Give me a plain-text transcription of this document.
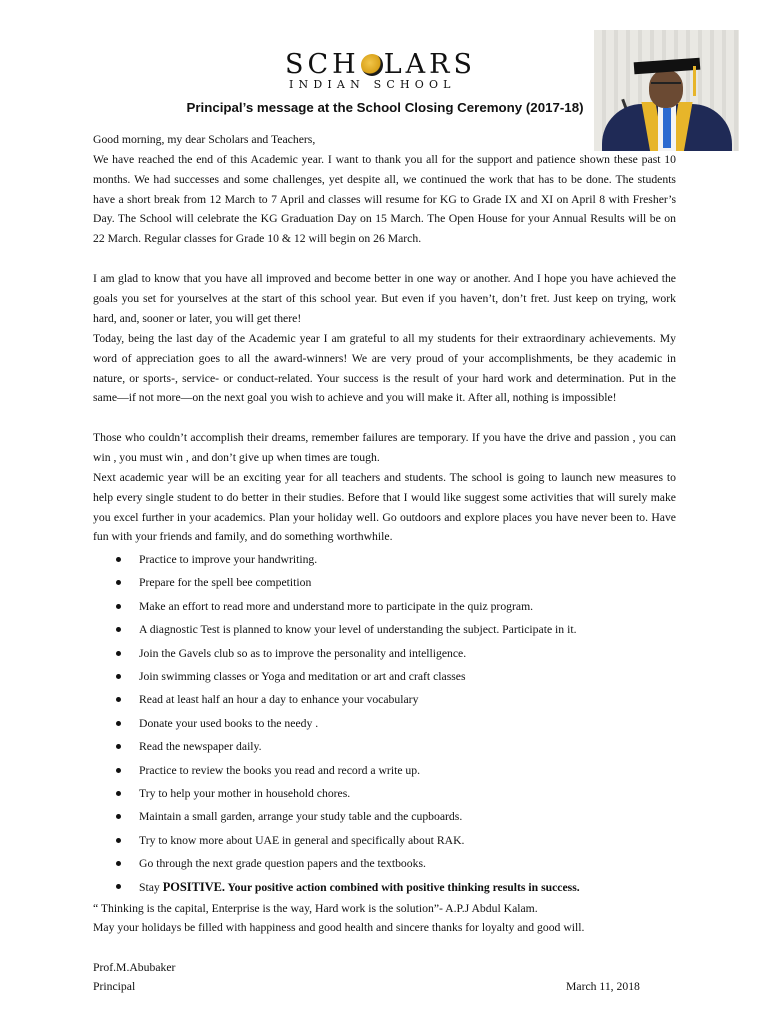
SCH LARS
INDIAN SCHOOL
Principal’s message at the School Closing Ceremony (2017-18)
Good morning, my dear Scholars and Teachers,

We have reached the end of this Academic year. I want to thank you all for the support and patience shown these past 10 months. We had successes and some challenges, yet despite all, we continued the work that has to be done. The students have a short break from 12 March to 7 April and classes will resume for KG to Grade IX and XI on April 8 with Fresher’s Day. The School will celebrate the KG Graduation Day on 15 March. The Open House for your Annual Results will be on 22 March. Regular classes for Grade 10 & 12 will begin on 26 March.

I am glad to know that you have all improved and become better in one way or another. And I hope you have achieved the goals you set for yourselves at the start of this school year. But even if you haven’t, don’t fret. Just keep on trying, work hard, and, sooner or later, you will get there!

Today, being the last day of the Academic year I am grateful to all my students for their extraordinary achievements. My word of appreciation goes to all the award-winners! We are very proud of your accomplishments, be they academic in nature, or sports-, service- or conduct-related. Your success is the result of your hard work and determination. Put in the same—if not more—on the next goal you wish to achieve and you will make it. After all, nothing is impossible!

Those who couldn’t accomplish their dreams, remember failures are temporary. If you have the drive and passion , you can win , you must win , and don’t give up when times are tough.

Next academic year will be an exciting year for all teachers and students. The school is going to launch new measures to help every single student to do better in their studies. Before that I would like suggest some activities that will surely make you excel further in your academics. Plan your holiday well. Go outdoors and explore places you have never been to. Have fun with your friends and family, and do something worthwhile.

Practice to improve your handwriting.
Prepare for the spell bee competition
Make an effort to read more and understand more to participate in the quiz program.
A diagnostic Test is planned to know your level of understanding the subject. Participate in it.
Join the Gavels club so as to improve the personality and intelligence.
Join swimming classes or Yoga and meditation or art and craft classes
Read at least half an hour a day to enhance your vocabulary
Donate your used books to the needy .
Read the newspaper daily.
Practice to review the books you read and record a write up.
Try to help your mother in household chores.
Maintain a small garden, arrange your study table and the cupboards.
Try to know more about UAE in general and specifically about RAK.
Go through the next grade question papers and the textbooks.
Stay POSITIVE. Your positive action combined with positive thinking results in success.
“ Thinking is the capital, Enterprise is the way, Hard work is the solution”- A.P.J Abdul Kalam.
May your holidays be filled with happiness and good health and sincere thanks for loyalty and good will.
Prof.M.Abubaker
Principal	March 11, 2018
